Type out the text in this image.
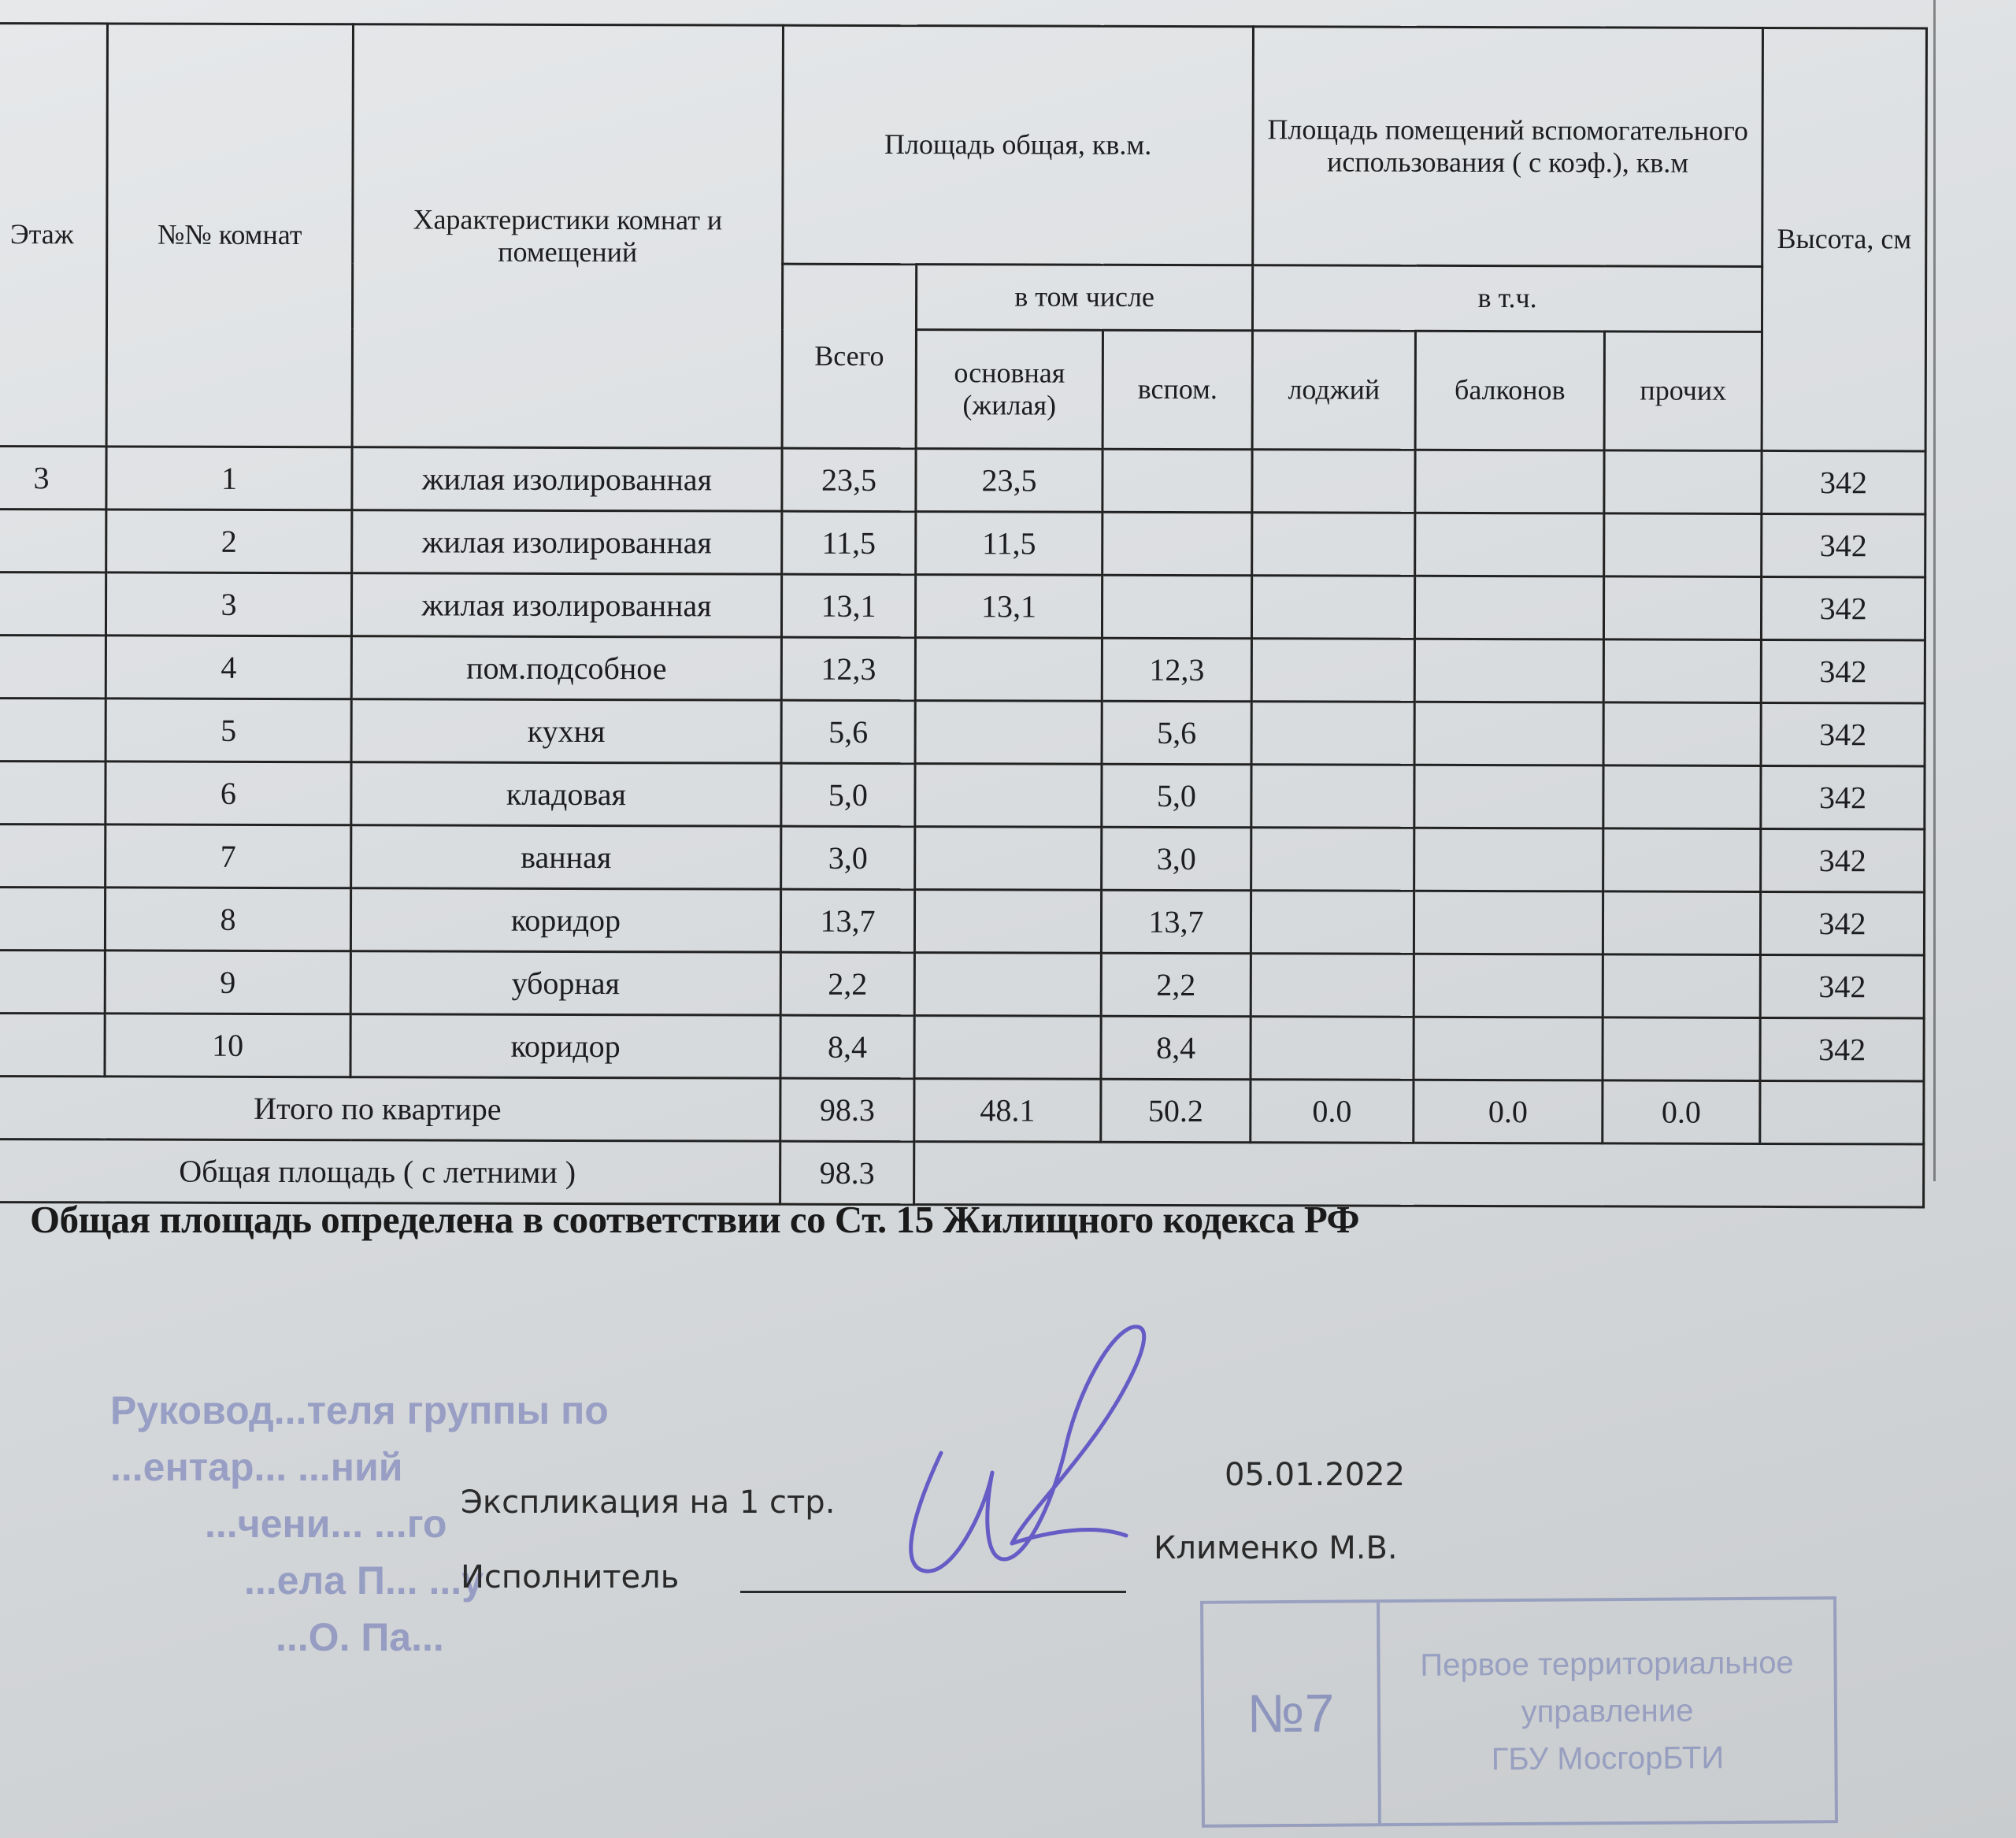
Этаж	№№ комнат	Характеристики комнат и помещений	Площадь общая, кв.м.			Площадь помещений вспомогательного использования ( с коэф.), кв.м			Высота, см
			Всего	в том числе		в т.ч.			
				основная (жилая)	вспом.	лоджий	балконов	прочих	
3	1	жилая изолированная	23,5	23,5					342
	2	жилая изолированная	11,5	11,5					342
	3	жилая изолированная	13,1	13,1					342
	4	пом.подсобное	12,3		12,3				342
	5	кухня	5,6		5,6				342
	6	кладовая	5,0		5,0				342
	7	ванная	3,0		3,0				342
	8	коридор	13,7		13,7				342
	9	уборная	2,2		2,2				342
	10	коридор	8,4		8,4				342
Итого по квартире			98.3	48.1	50.2	0.0	0.0	0.0	
Общая площадь ( с летними )			98.3						
Общая площадь определена в соответствии со Ст. 15 Жилищного кодекса РФ
Руковод...теля группы по
...ентар... ...ний
...чени... ...го
...ела П... ...у
...О. Па...
Экспликация на 1 стр.
05.01.2022
Исполнитель
Клименко М.В.
№7
Первое территориальное
управление
ГБУ МосгорБТИ
